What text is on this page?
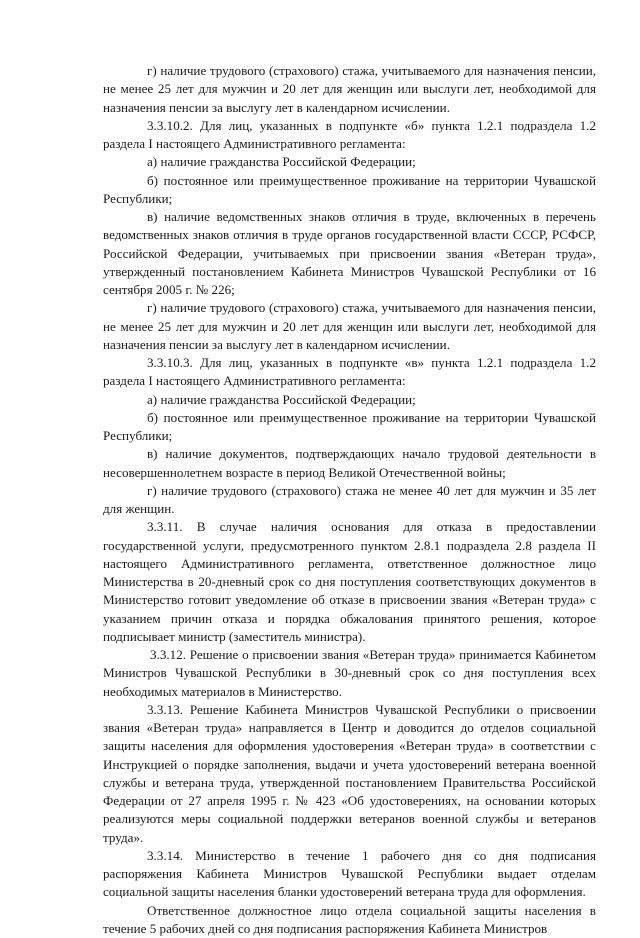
г) наличие трудового (страхового) стажа, учитываемого для назначения пенсии, не менее 25 лет для мужчин и 20 лет для женщин или выслуги лет, необходимой для назначения пенсии за выслугу лет в календарном исчислении.

3.3.10.2. Для лиц, указанных в подпункте «б» пункта 1.2.1 подраздела 1.2 раздела I настоящего Административного регламента:

а) наличие гражданства Российской Федерации;

б) постоянное или преимущественное проживание на территории Чувашской Республики;

в) наличие ведомственных знаков отличия в труде, включенных в перечень ведомственных знаков отличия в труде органов государственной власти СССР, РСФСР, Российской Федерации, учитываемых при присвоении звания «Ветеран труда», утвержденный постановлением Кабинета Министров Чувашской Республики от 16 сентября 2005 г. № 226;

г) наличие трудового (страхового) стажа, учитываемого для назначения пенсии, не менее 25 лет для мужчин и 20 лет для женщин или выслуги лет, необходимой для назначения пенсии за выслугу лет в календарном исчислении.

3.3.10.3. Для лиц, указанных в подпункте «в» пункта 1.2.1 подраздела 1.2 раздела I настоящего Административного регламента:

а) наличие гражданства Российской Федерации;

б) постоянное или преимущественное проживание на территории Чувашской Республики;

в) наличие документов, подтверждающих начало трудовой деятельности в несовершеннолетнем возрасте в период Великой Отечественной войны;

г) наличие трудового (страхового) стажа не менее 40 лет для мужчин и 35 лет для женщин.

3.3.11. В случае наличия основания для отказа в предоставлении государственной услуги, предусмотренного пунктом 2.8.1 подраздела 2.8 раздела II настоящего Административного регламента, ответственное должностное лицо Министерства в 20-дневный срок со дня поступления соответствующих документов в Министерство готовит уведомление об отказе в присвоении звания «Ветеран труда» с указанием причин отказа и порядка обжалования принятого решения, которое подписывает министр (заместитель министра).

3.3.12. Решение о присвоении звания «Ветеран труда» принимается Кабинетом Министров Чувашской Республики в 30-дневный срок со дня поступления всех необходимых материалов в Министерство.

3.3.13. Решение Кабинета Министров Чувашской Республики о присвоении звания «Ветеран труда» направляется в Центр и доводится до отделов социальной защиты населения для оформления удостоверения «Ветеран труда» в соответствии с Инструкцией о порядке заполнения, выдачи и учета удостоверений ветерана военной службы и ветерана труда, утвержденной постановлением Правительства Российской Федерации от 27 апреля 1995 г. № 423 «Об удостоверениях, на основании которых реализуются меры социальной поддержки ветеранов военной службы и ветеранов труда».

3.3.14. Министерство в течение 1 рабочего дня со дня подписания распоряжения Кабинета Министров Чувашской Республики выдает отделам социальной защиты населения бланки удостоверений ветерана труда для оформления.

Ответственное должностное лицо отдела социальной защиты населения в течение 5 рабочих дней со дня подписания распоряжения Кабинета Министров
